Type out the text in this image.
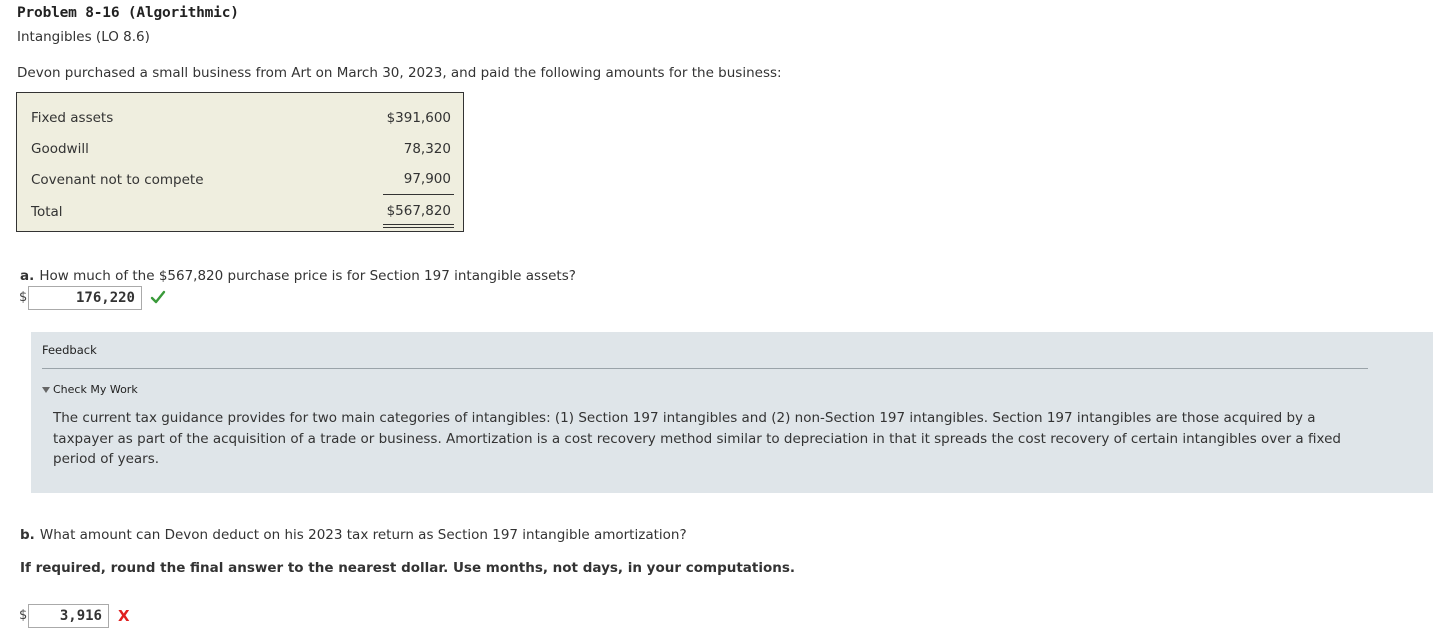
Problem 8-16 (Algorithmic)
Intangibles (LO 8.6)
Devon purchased a small business from Art on March 30, 2023, and paid the following amounts for the business:
Fixed assets	$391,600
Goodwill	78,320
Covenant not to compete	97,900
Total	$567,820
a. How much of the $567,820 purchase price is for Section 197 intangible assets?
$	176,220
Feedback
Check My Work
The current tax guidance provides for two main categories of intangibles: (1) Section 197 intangibles and (2) non-Section 197 intangibles. Section 197 intangibles are those acquired by a taxpayer as part of the acquisition of a trade or business. Amortization is a cost recovery method similar to depreciation in that it spreads the cost recovery of certain intangibles over a fixed period of years.
b. What amount can Devon deduct on his 2023 tax return as Section 197 intangible amortization?
If required, round the final answer to the nearest dollar. Use months, not days, in your computations.
$	3,916	X
